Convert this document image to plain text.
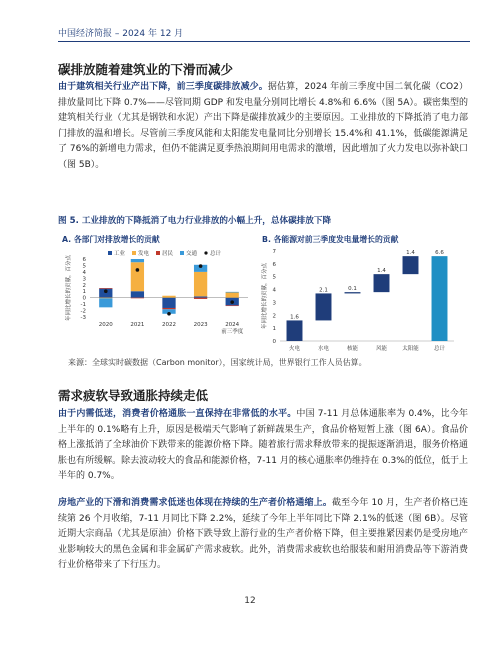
中国经济简报 – 2024 年 12 月
碳排放随着建筑业的下滑而减少
由于建筑相关行业产出下降，前三季度碳排放减少。据估算，2024 年前三季度中国二氧化碳（CO2）排放量同比下降 0.7%——尽管同期 GDP 和发电量分别同比增长 4.8%和 6.6%（图 5A）。碳密集型的建筑相关行业（尤其是钢铁和水泥）产出下降是碳排放减少的主要原因。工业排放的下降抵消了电力部门排放的温和增长。尽管前三季度风能和太阳能发电量同比分别增长 15.4%和 41.1%，低碳能源满足了 76%的新增电力需求，但仍不能满足夏季热浪期间用电需求的激增，因此增加了火力发电以弥补缺口（图 5B）。
图 5. 工业排放的下降抵消了电力行业排放的小幅上升，总体碳排放下降
A. 各部门对排放增长的贡献	B. 各能源对前三季度发电量增长的贡献
工业 发电 居民 交通 总计
-3
-2
-1
0
1
2
3
4
5
6
年同比增长的贡献，百分点
2020	2021	2022	2023	2024
前三季度
0
1
2
3
4
5
6
7
年同比增长的贡献，百分点	1.6
火电
2.1
水电
0.1
核能
1.4
风能
1.4
太阳能
6.6
总计
来源：全球实时碳数据（Carbon monitor），国家统计局，世界银行工作人员估算。
需求疲软导致通胀持续走低
由于内需低迷，消费者价格通胀一直保持在非常低的水平。中国 7-11 月总体通胀率为 0.4%，比今年上半年的 0.1%略有上升，原因是极端天气影响了新鲜蔬果生产，食品价格短暂上涨（图 6A）。食品价格上涨抵消了全球油价下跌带来的能源价格下降。随着旅行需求释放带来的提振逐渐消退，服务价格通胀也有所缓解。除去波动较大的食品和能源价格，7-11 月的核心通胀率仍维持在 0.3%的低位，低于上半年的 0.7%。
房地产业的下滑和消费需求低迷也体现在持续的生产者价格通缩上。截至今年 10 月，生产者价格已连续第 26 个月收缩，7-11 月同比下降 2.2%，延续了今年上半年同比下降 2.1%的低迷（图 6B）。尽管近期大宗商品（尤其是原油）价格下跌导致上游行业的生产者价格下降，但主要推紧因素仍是受房地产业影响较大的黑色金属和非金属矿产需求疲软。此外，消费需求疲软也给服装和耐用消费品等下游消费行业价格带来了下行压力。
12
